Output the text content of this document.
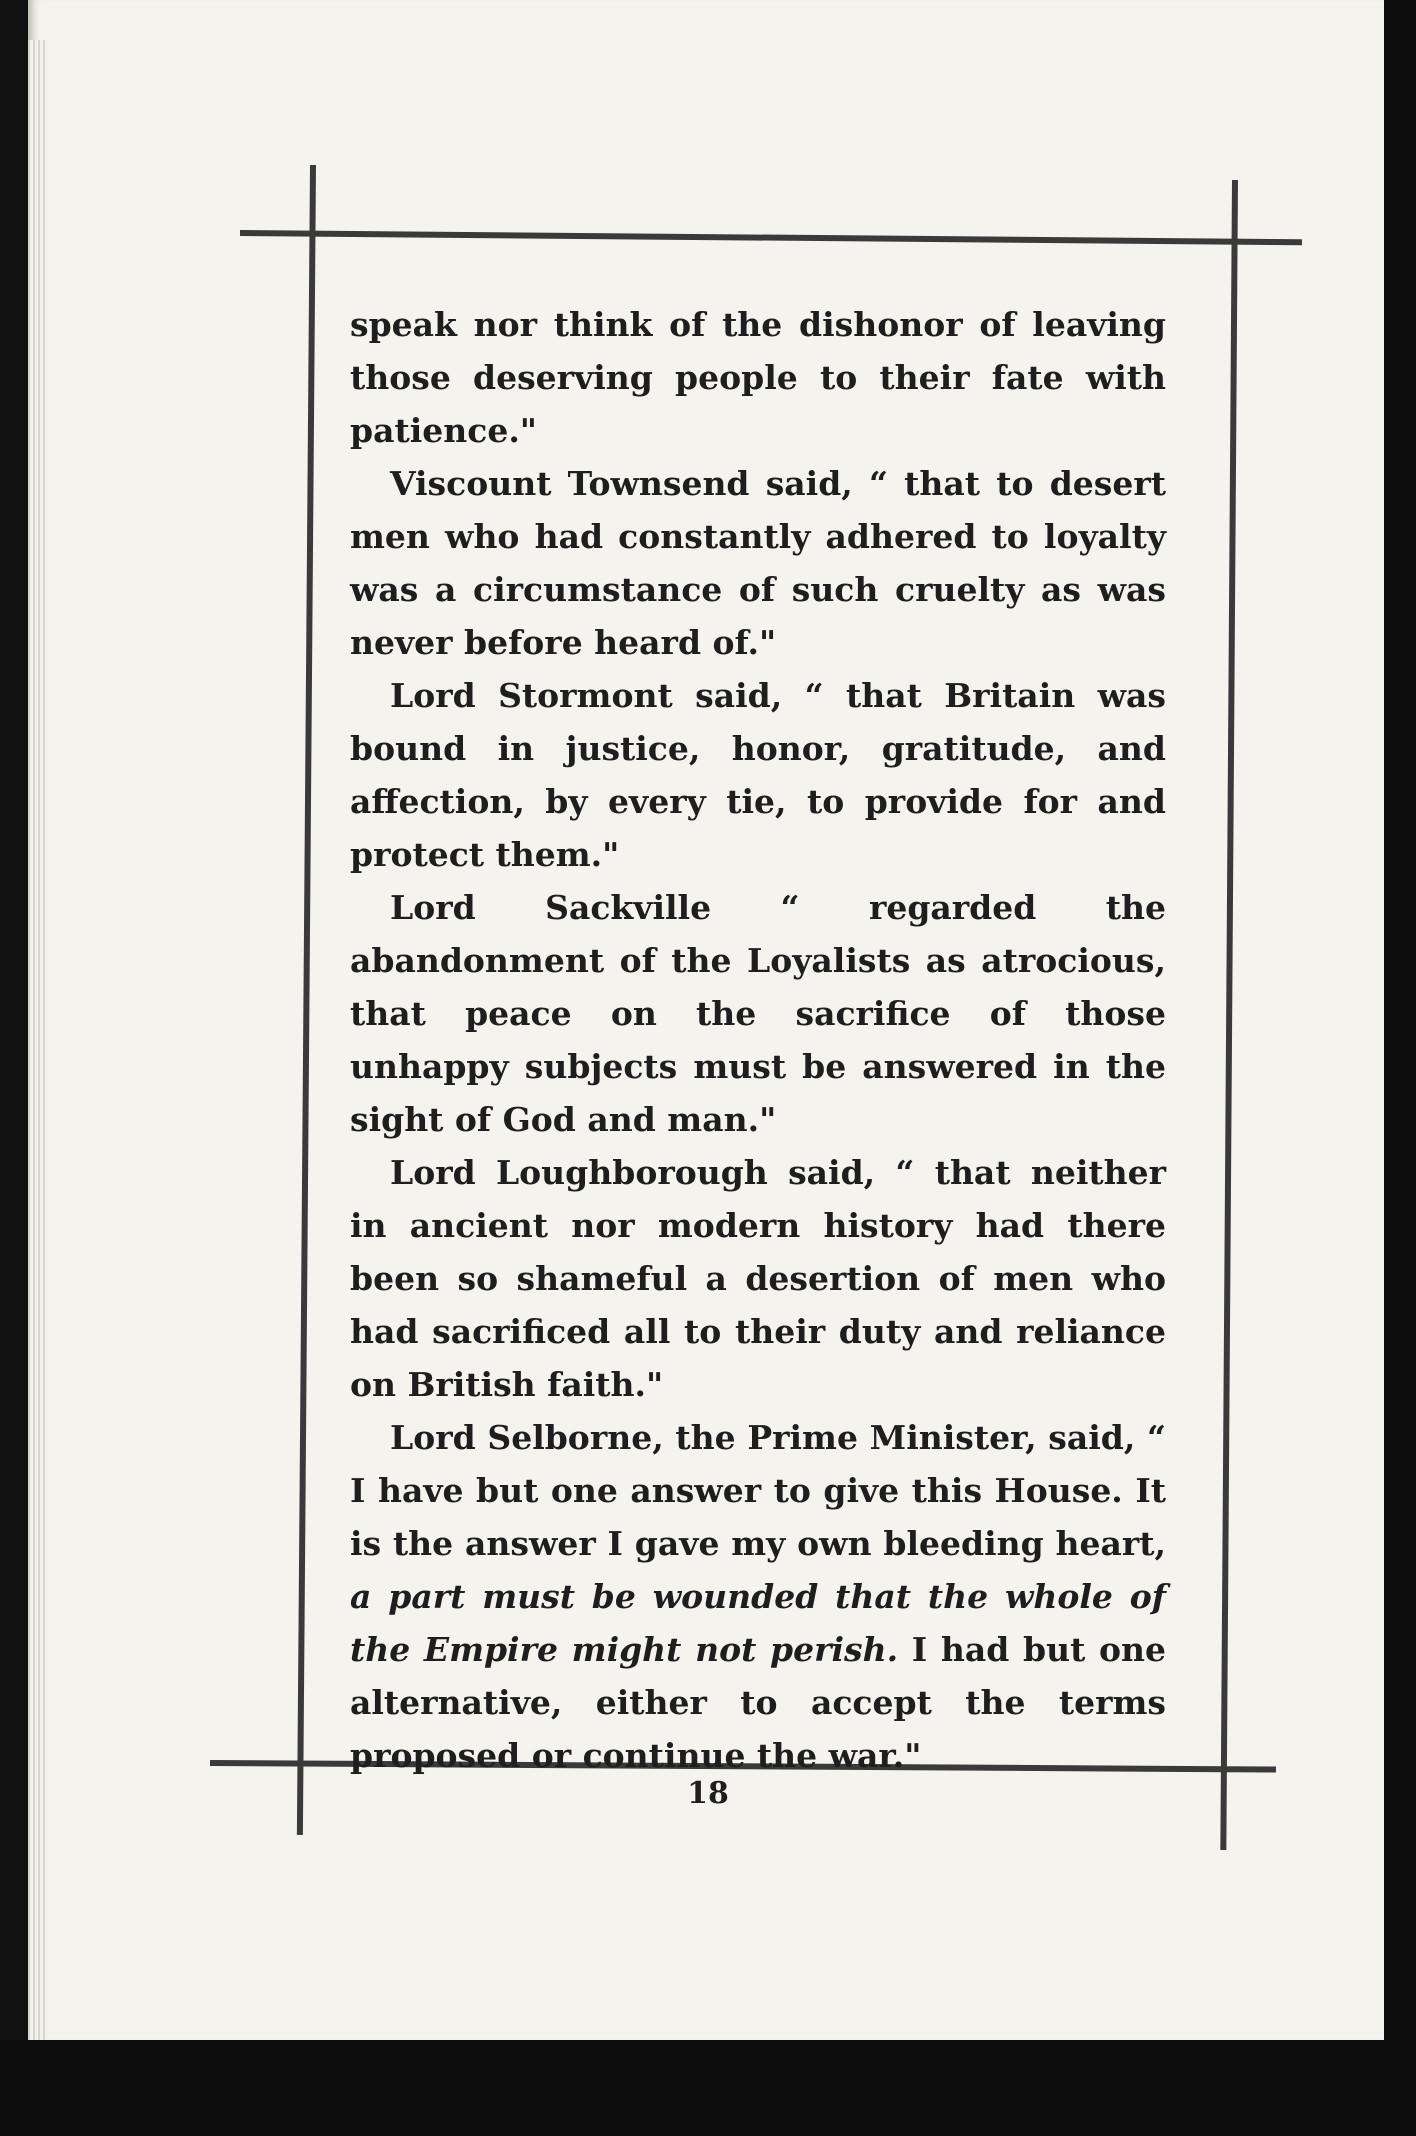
speak nor think of the dishonor of leaving those deserving people to their fate with patience."

Viscount Townsend said, “ that to desert men who had constantly adhered to loyalty was a circumstance of such cruelty as was never before heard of."

Lord Stormont said, “ that Britain was bound in justice, honor, gratitude, and affection, by every tie, to provide for and protect them."

Lord Sackville “ regarded the abandonment of the Loyalists as atrocious, that peace on the sacrifice of those unhappy subjects must be answered in the sight of God and man."

Lord Loughborough said, “ that neither in ancient nor modern history had there been so shameful a desertion of men who had sacrificed all to their duty and reliance on British faith."

Lord Selborne, the Prime Minister, said, “ I have but one answer to give this House. It is the answer I gave my own bleeding heart, a part must be wounded that the whole of the Empire might not perish. I had but one alternative, either to accept the terms proposed or continue the war."

18
